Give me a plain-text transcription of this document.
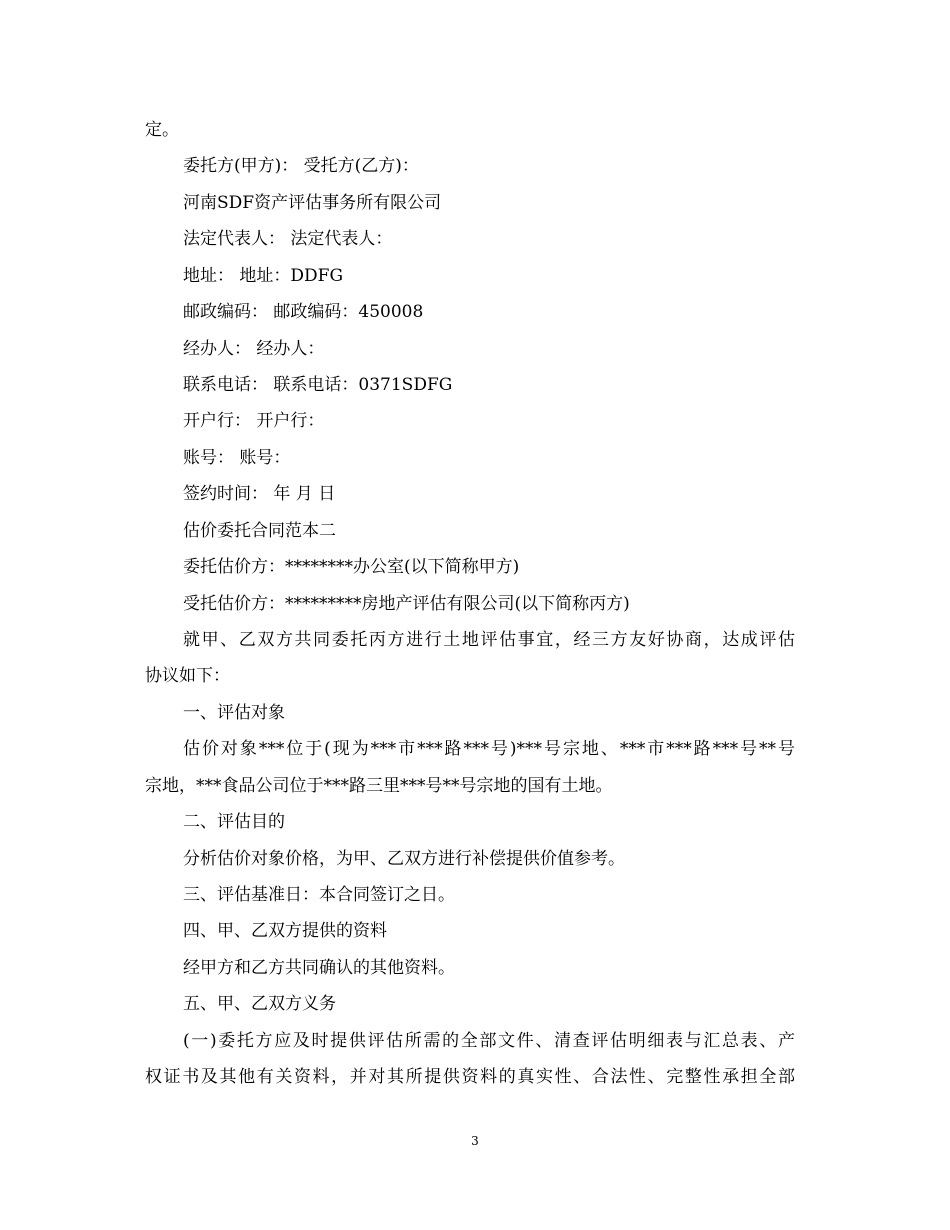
定。
委托方(甲方)： 受托方(乙方)：
河南SDF资产评估事务所有限公司
法定代表人： 法定代表人：
地址： 地址：DDFG
邮政编码： 邮政编码：450008
经办人： 经办人：
联系电话： 联系电话：0371SDFG
开户行： 开户行：
账号： 账号：
签约时间： 年 月 日
估价委托合同范本二
委托估价方：********办公室(以下简称甲方)
受托估价方：*********房地产评估有限公司(以下简称丙方)
就甲、乙双方共同委托丙方进行土地评估事宜，经三方友好协商，达成评估
协议如下：
一、评估对象
估价对象***位于(现为***市***路***号)***号宗地、***市***路***号**号
宗地，***食品公司位于***路三里***号**号宗地的国有土地。
二、评估目的
分析估价对象价格，为甲、乙双方进行补偿提供价值参考。
三、评估基准日：本合同签订之日。
四、甲、乙双方提供的资料
经甲方和乙方共同确认的其他资料。
五、甲、乙双方义务
(一)委托方应及时提供评估所需的全部文件、清查评估明细表与汇总表、产
权证书及其他有关资料，并对其所提供资料的真实性、合法性、完整性承担全部
3
